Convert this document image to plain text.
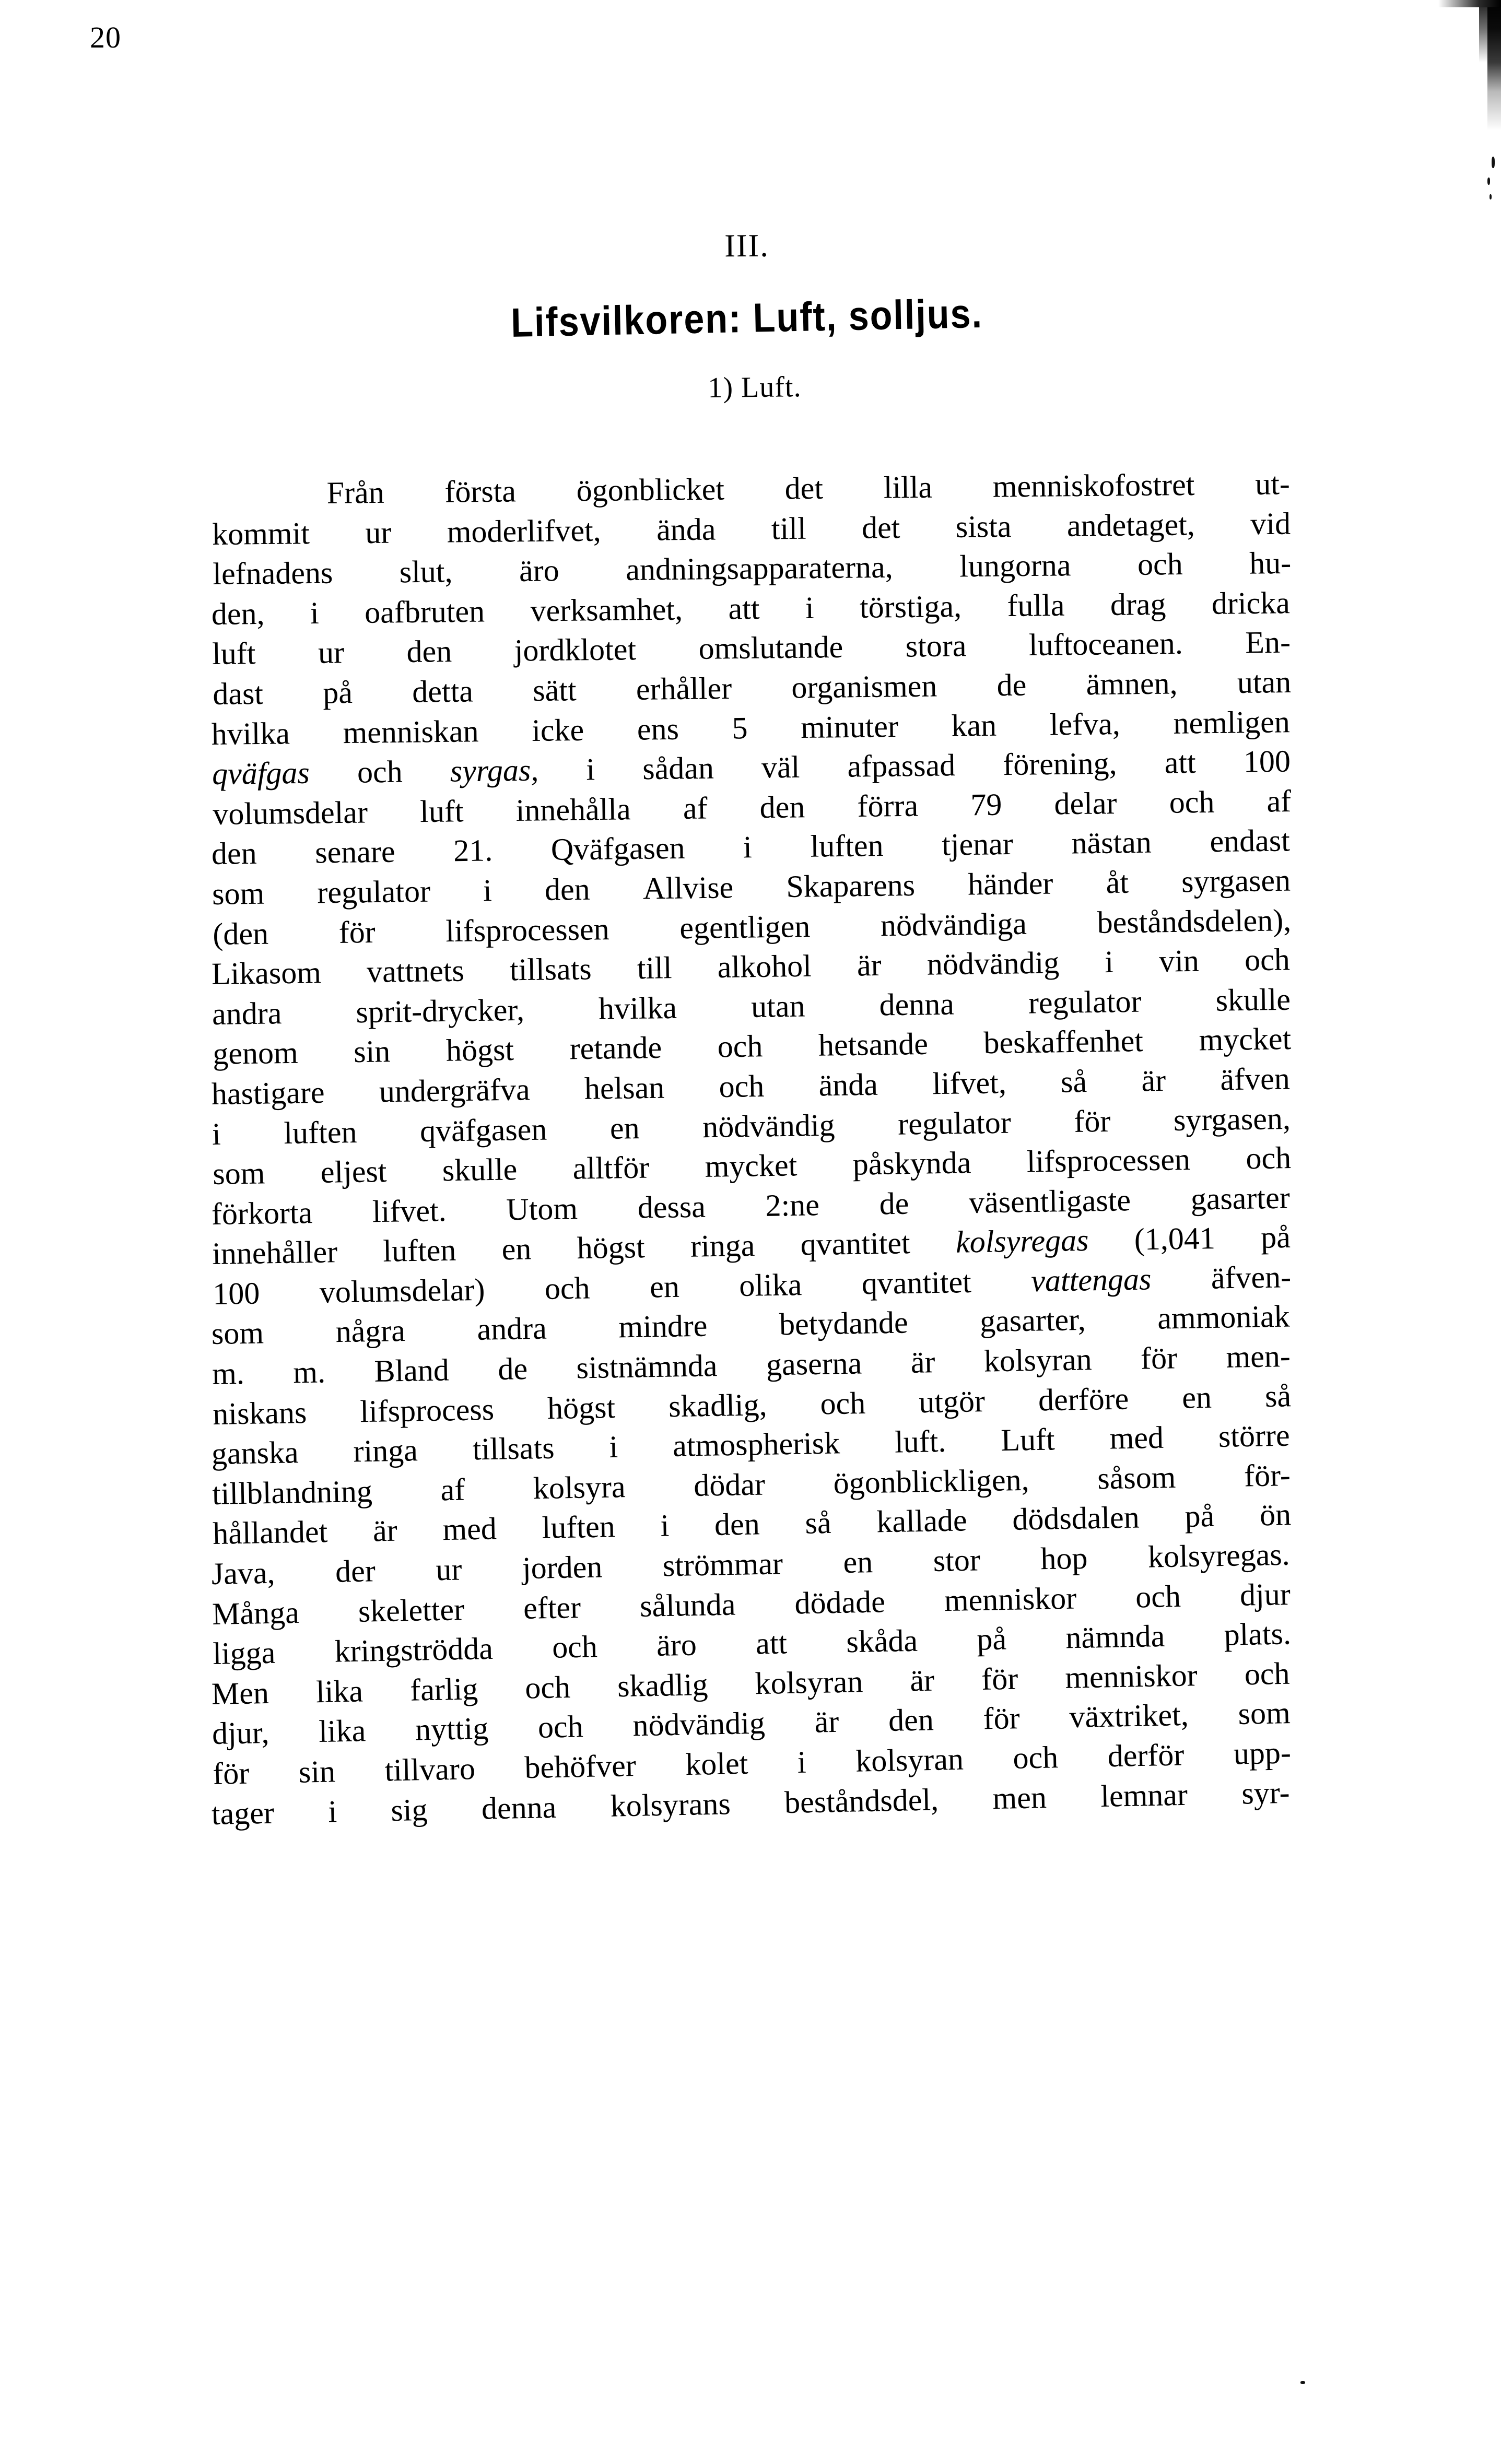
20
III.
Lifsvilkoren: Luft, solljus.
1) Luft.

Från första ögonblicket det lilla menniskofostret ut-
kommit ur moderlifvet, ända till det sista andetaget, vid
lefnadens slut, äro andningsapparaterna, lungorna och hu-
den, i oafbruten verksamhet, att i törstiga, fulla drag dricka
luft ur den jordklotet omslutande stora luftoceanen. En-
dast på detta sätt erhåller organismen de ämnen, utan
hvilka menniskan icke ens 5 minuter kan lefva, nemligen
qväfgas och syrgas, i sådan väl afpassad förening, att 100
volumsdelar luft innehålla af den förra 79 delar och af
den senare 21. Qväfgasen i luften tjenar nästan endast
som regulator i den Allvise Skaparens händer åt syrgasen
(den för lifsprocessen egentligen nödvändiga beståndsdelen),
Likasom vattnets tillsats till alkohol är nödvändig i vin och
andra sprit-drycker, hvilka utan denna regulator skulle
genom sin högst retande och hetsande beskaffenhet mycket
hastigare undergräfva helsan och ända lifvet, så är äfven
i luften qväfgasen en nödvändig regulator för syrgasen,
som eljest skulle alltför mycket påskynda lifsprocessen och
förkorta lifvet. Utom dessa 2:ne de väsentligaste gasarter
innehåller luften en högst ringa qvantitet kolsyregas (1,041 på
100 volumsdelar) och en olika qvantitet vattengas äfven-
som några andra mindre betydande gasarter, ammoniak
m. m. Bland de sistnämnda gaserna är kolsyran för men-
niskans lifsprocess högst skadlig, och utgör derföre en så
ganska ringa tillsats i atmospherisk luft. Luft med större
tillblandning af kolsyra dödar ögonblickligen, såsom för-
hållandet är med luften i den så kallade dödsdalen på ön
Java, der ur jorden strömmar en stor hop kolsyregas.
Många skeletter efter sålunda dödade menniskor och djur
ligga kringströdda och äro att skåda på nämnda plats.
Men lika farlig och skadlig kolsyran är för menniskor och
djur, lika nyttig och nödvändig är den för växtriket, som
för sin tillvaro behöfver kolet i kolsyran och derför upp-
tager i sig denna kolsyrans beståndsdel, men lemnar syr-
